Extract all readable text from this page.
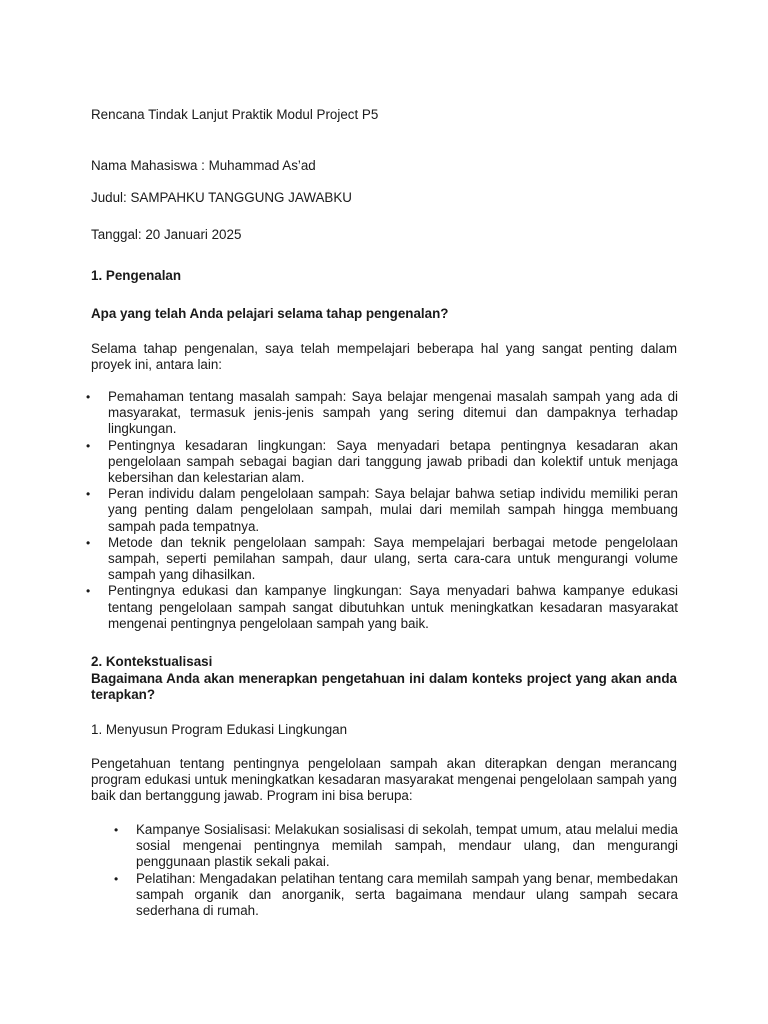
Rencana Tindak Lanjut Praktik Modul Project P5
Nama Mahasiswa : Muhammad As’ad
Judul: SAMPAHKU TANGGUNG JAWABKU
Tanggal: 20 Januari 2025
1. Pengenalan
Apa yang telah Anda pelajari selama tahap pengenalan?
Selama tahap pengenalan, saya telah mempelajari beberapa hal yang sangat penting dalam proyek ini, antara lain:
• Pemahaman tentang masalah sampah: Saya belajar mengenai masalah sampah yang ada di masyarakat, termasuk jenis-jenis sampah yang sering ditemui dan dampaknya terhadap lingkungan.
• Pentingnya kesadaran lingkungan: Saya menyadari betapa pentingnya kesadaran akan pengelolaan sampah sebagai bagian dari tanggung jawab pribadi dan kolektif untuk menjaga kebersihan dan kelestarian alam.
• Peran individu dalam pengelolaan sampah: Saya belajar bahwa setiap individu memiliki peran yang penting dalam pengelolaan sampah, mulai dari memilah sampah hingga membuang sampah pada tempatnya.
• Metode dan teknik pengelolaan sampah: Saya mempelajari berbagai metode pengelolaan sampah, seperti pemilahan sampah, daur ulang, serta cara-cara untuk mengurangi volume sampah yang dihasilkan.
• Pentingnya edukasi dan kampanye lingkungan: Saya menyadari bahwa kampanye edukasi tentang pengelolaan sampah sangat dibutuhkan untuk meningkatkan kesadaran masyarakat mengenai pentingnya pengelolaan sampah yang baik.
2. Kontekstualisasi
Bagaimana Anda akan menerapkan pengetahuan ini dalam konteks project yang akan anda terapkan?
1. Menyusun Program Edukasi Lingkungan
Pengetahuan tentang pentingnya pengelolaan sampah akan diterapkan dengan merancang program edukasi untuk meningkatkan kesadaran masyarakat mengenai pengelolaan sampah yang baik dan bertanggung jawab. Program ini bisa berupa:
• Kampanye Sosialisasi: Melakukan sosialisasi di sekolah, tempat umum, atau melalui media sosial mengenai pentingnya memilah sampah, mendaur ulang, dan mengurangi penggunaan plastik sekali pakai.
• Pelatihan: Mengadakan pelatihan tentang cara memilah sampah yang benar, membedakan sampah organik dan anorganik, serta bagaimana mendaur ulang sampah secara sederhana di rumah.
